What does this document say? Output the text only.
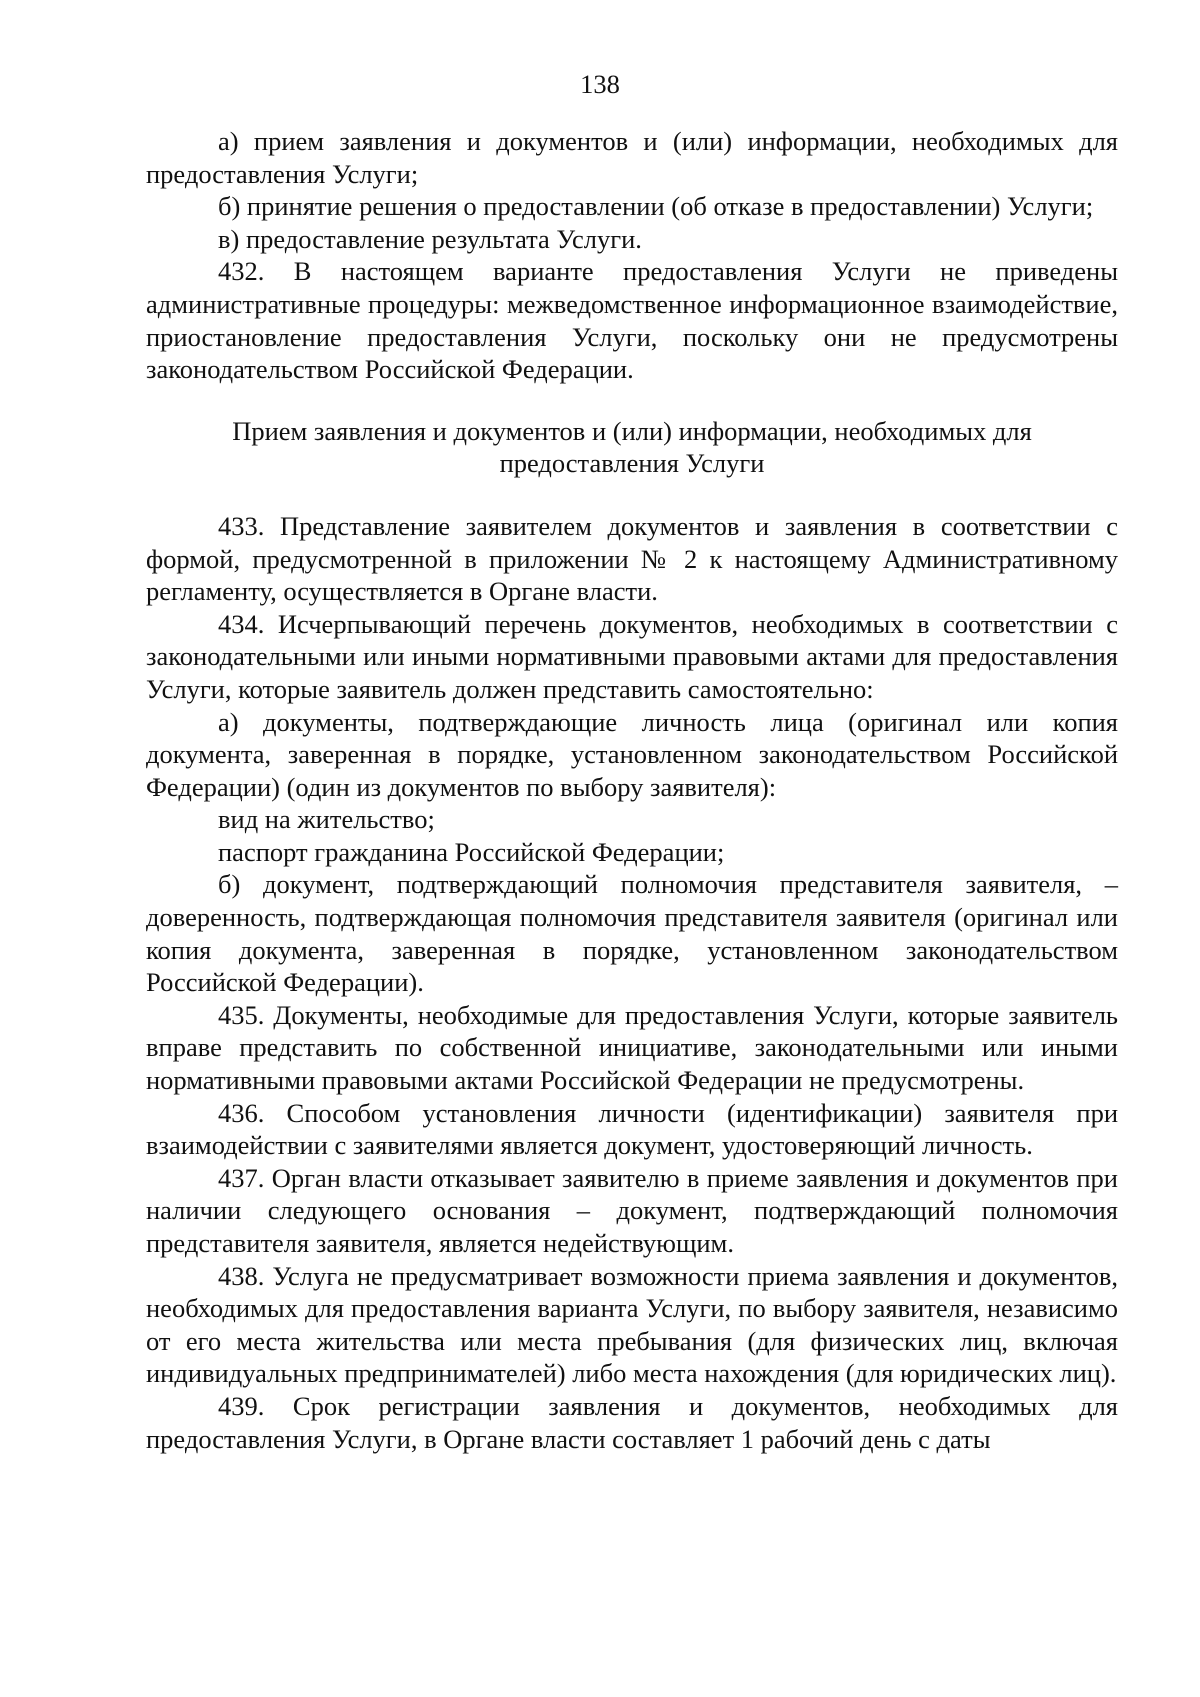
138

а) прием заявления и документов и (или) информации, необходимых для предоставления Услуги;

б) принятие решения о предоставлении (об отказе в предоставлении) Услуги;

в) предоставление результата Услуги.

432. В настоящем варианте предоставления Услуги не приведены административные процедуры: межведомственное информационное взаимодействие, приостановление предоставления Услуги, поскольку они не предусмотрены законодательством Российской Федерации.

Прием заявления и документов и (или) информации, необходимых для предоставления Услуги

433. Представление заявителем документов и заявления в соответствии с формой, предусмотренной в приложении № 2 к настоящему Административному регламенту, осуществляется в Органе власти.

434. Исчерпывающий перечень документов, необходимых в соответствии с законодательными или иными нормативными правовыми актами для предоставления Услуги, которые заявитель должен представить самостоятельно:

а) документы, подтверждающие личность лица (оригинал или копия документа, заверенная в порядке, установленном законодательством Российской Федерации) (один из документов по выбору заявителя):

вид на жительство;

паспорт гражданина Российской Федерации;

б) документ, подтверждающий полномочия представителя заявителя, – доверенность, подтверждающая полномочия представителя заявителя (оригинал или копия документа, заверенная в порядке, установленном законодательством Российской Федерации).

435. Документы, необходимые для предоставления Услуги, которые заявитель вправе представить по собственной инициативе, законодательными или иными нормативными правовыми актами Российской Федерации не предусмотрены.

436. Способом установления личности (идентификации) заявителя при взаимодействии с заявителями является документ, удостоверяющий личность.

437. Орган власти отказывает заявителю в приеме заявления и документов при наличии следующего основания – документ, подтверждающий полномочия представителя заявителя, является недействующим.

438. Услуга не предусматривает возможности приема заявления и документов, необходимых для предоставления варианта Услуги, по выбору заявителя, независимо от его места жительства или места пребывания (для физических лиц, включая индивидуальных предпринимателей) либо места нахождения (для юридических лиц).

439. Срок регистрации заявления и документов, необходимых для предоставления Услуги, в Органе власти составляет 1 рабочий день с даты
